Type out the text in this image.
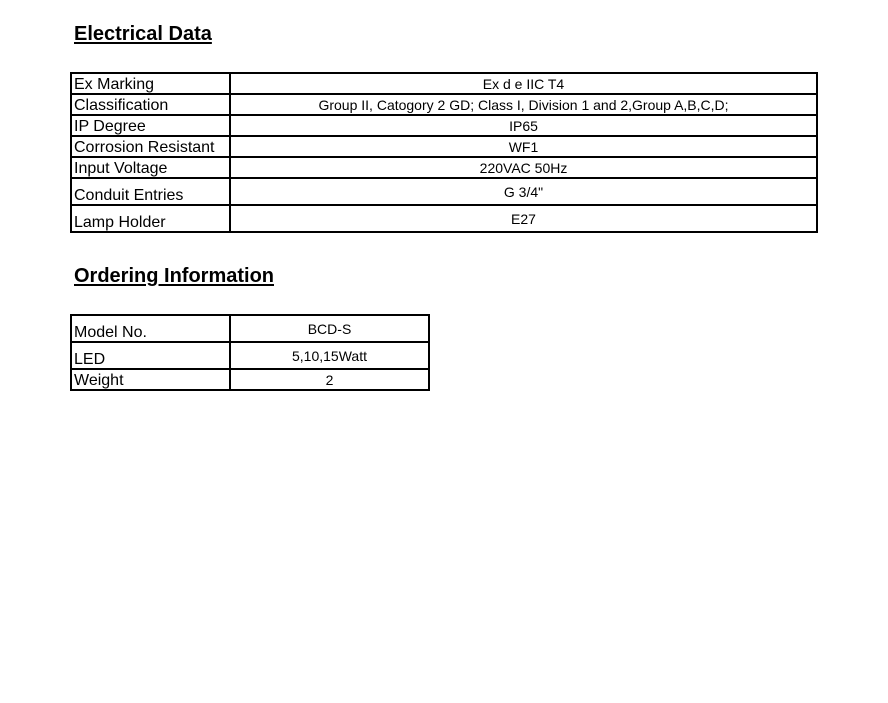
Electrical Data
Ex Marking	Ex d e IIC T4
Classification	Group II, Catogory 2 GD; Class I, Division 1 and 2,Group A,B,C,D;
IP Degree	IP65
Corrosion Resistant	WF1
Input Voltage	220VAC 50Hz
Conduit Entries	G 3/4"
Lamp Holder	E27
Ordering Information
Model No.	BCD-S
LED	5,10,15Watt
Weight	2
